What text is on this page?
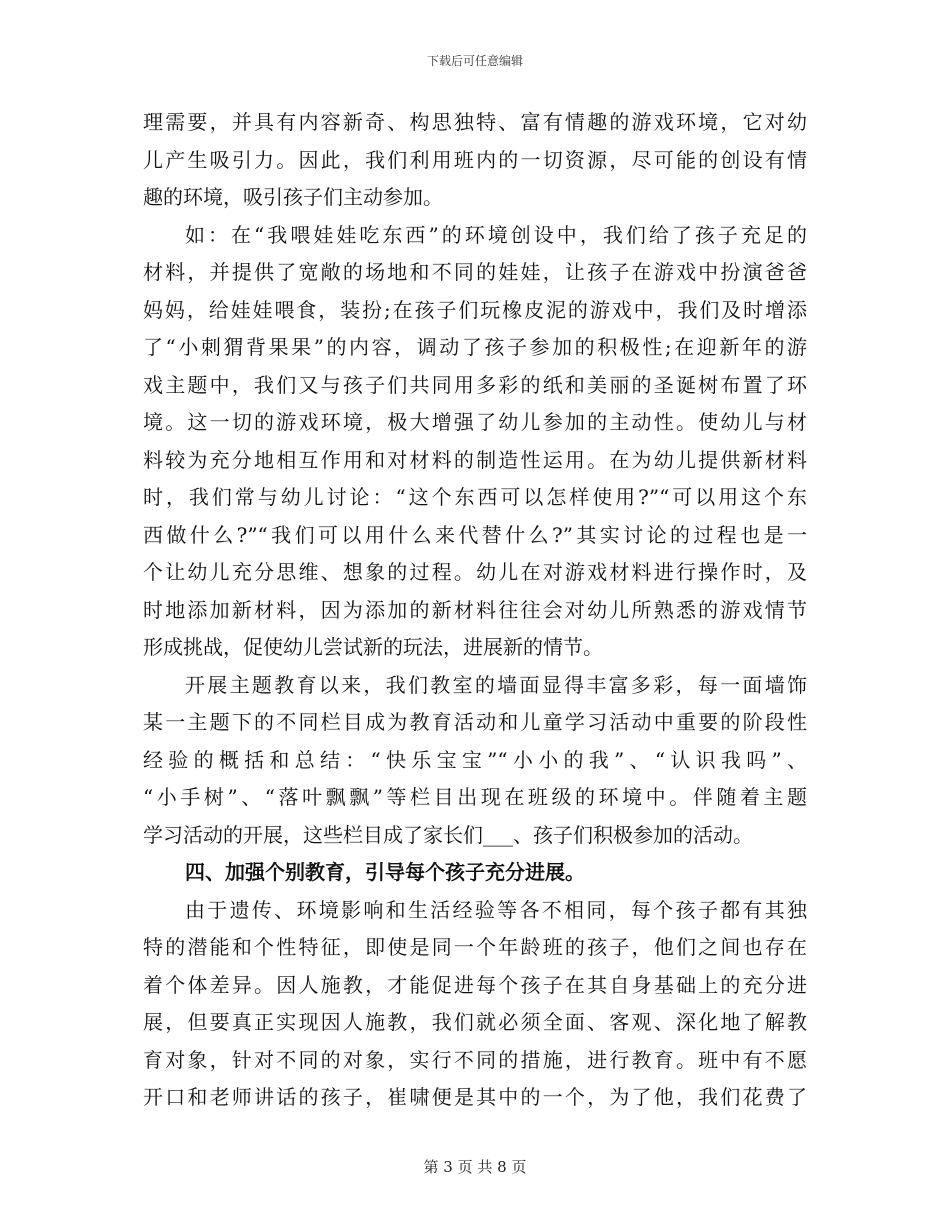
下载后可任意编辑
理需要，并具有内容新奇、构思独特、富有情趣的游戏环境，它对幼
儿产生吸引力。因此，我们利用班内的一切资源，尽可能的创设有情
趣的环境，吸引孩子们主动参加。
如：在“我喂娃娃吃东西”的环境创设中，我们给了孩子充足的
材料，并提供了宽敞的场地和不同的娃娃，让孩子在游戏中扮演爸爸
妈妈，给娃娃喂食，装扮;在孩子们玩橡皮泥的游戏中，我们及时增添
了“小刺猬背果果”的内容，调动了孩子参加的积极性;在迎新年的游
戏主题中，我们又与孩子们共同用多彩的纸和美丽的圣诞树布置了环
境。这一切的游戏环境，极大增强了幼儿参加的主动性。使幼儿与材
料较为充分地相互作用和对材料的制造性运用。在为幼儿提供新材料
时，我们常与幼儿讨论：“这个东西可以怎样使用?”“可以用这个东
西做什么?”“我们可以用什么来代替什么?”其实讨论的过程也是一
个让幼儿充分思维、想象的过程。幼儿在对游戏材料进行操作时，及
时地添加新材料，因为添加的新材料往往会对幼儿所熟悉的游戏情节
形成挑战，促使幼儿尝试新的玩法，进展新的情节。
开展主题教育以来，我们教室的墙面显得丰富多彩，每一面墙饰
某一主题下的不同栏目成为教育活动和儿童学习活动中重要的阶段性
经验的概括和总结：“快乐宝宝”“小小的我”、“认识我吗”、
“小手树”、“落叶飘飘”等栏目出现在班级的环境中。伴随着主题
学习活动的开展，这些栏目成了家长们___、孩子们积极参加的活动。
四、加强个别教育，引导每个孩子充分进展。
由于遗传、环境影响和生活经验等各不相同，每个孩子都有其独
特的潜能和个性特征，即使是同一个年龄班的孩子，他们之间也存在
着个体差异。因人施教，才能促进每个孩子在其自身基础上的充分进
展，但要真正实现因人施教，我们就必须全面、客观、深化地了解教
育对象，针对不同的对象，实行不同的措施，进行教育。班中有不愿
开口和老师讲话的孩子，崔啸便是其中的一个，为了他，我们花费了
第 3 页 共 8 页
